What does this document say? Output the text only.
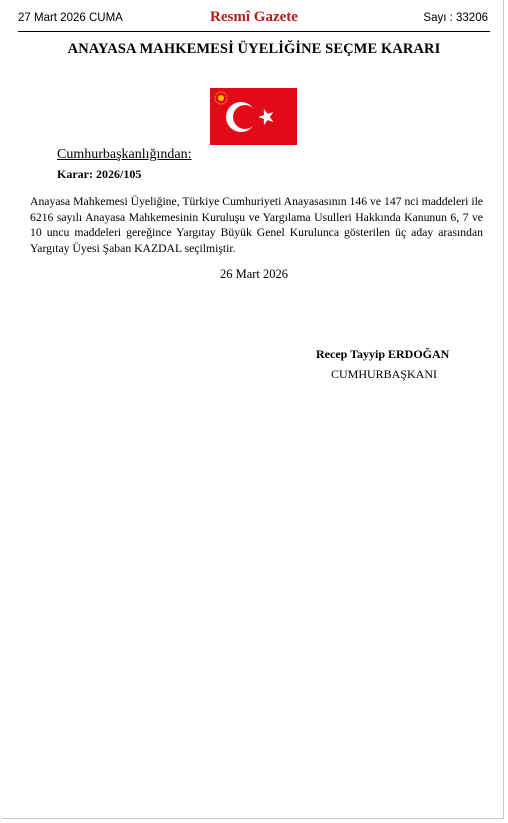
27 Mart 2026 CUMA	Resmî Gazete	Sayı : 33206
ANAYASA MAHKEMESİ ÜYELİĞİNE SEÇME KARARI
Cumhurbaşkanlığından:
Karar: 2026/105
Anayasa Mahkemesi Üyeliğine, Türkiye Cumhuriyeti Anayasasının 146 ve 147 nci maddeleri ile 6216 sayılı Anayasa Mahkemesinin Kuruluşu ve Yargılama Usulleri Hakkında Kanunun 6, 7 ve 10 uncu maddeleri gereğince Yargıtay Büyük Genel Kurulunca gösterilen üç aday arasından Yargıtay Üyesi Şaban KAZDAL seçilmiştir.
26 Mart 2026
Recep Tayyip ERDOĞAN
CUMHURBAŞKANI
